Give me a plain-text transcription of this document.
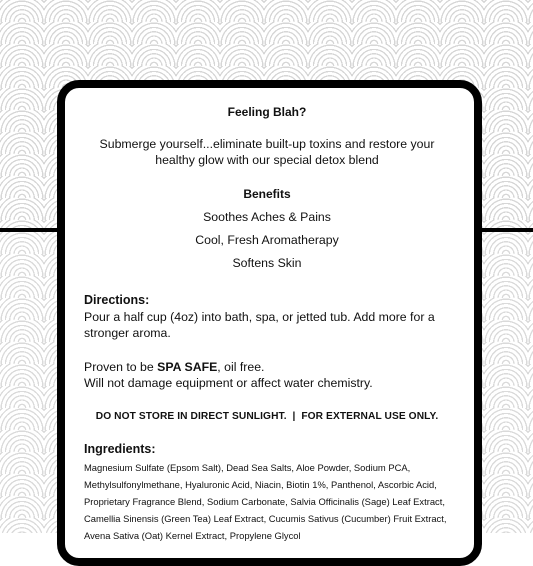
Feeling Blah?

Submerge yourself...eliminate built-up toxins and restore your healthy glow with our special detox blend

Benefits

Soothes Aches & Pains

Cool, Fresh Aromatherapy

Softens Skin

Directions:

Pour a half cup (4oz) into bath, spa, or jetted tub. Add more for a stronger aroma.

Proven to be SPA SAFE, oil free.
Will not damage equipment or affect water chemistry.

DO NOT STORE IN DIRECT SUNLIGHT.  |  FOR EXTERNAL USE ONLY.

Ingredients:

Magnesium Sulfate (Epsom Salt), Dead Sea Salts, Aloe Powder, Sodium PCA, Methylsulfonylmethane, Hyaluronic Acid, Niacin, Biotin 1%, Panthenol, Ascorbic Acid, Proprietary Fragrance Blend, Sodium Carbonate, Salvia Officinalis (Sage) Leaf Extract, Camellia Sinensis (Green Tea) Leaf Extract, Cucumis Sativus (Cucumber) Fruit Extract, Avena Sativa (Oat) Kernel Extract, Propylene Glycol
